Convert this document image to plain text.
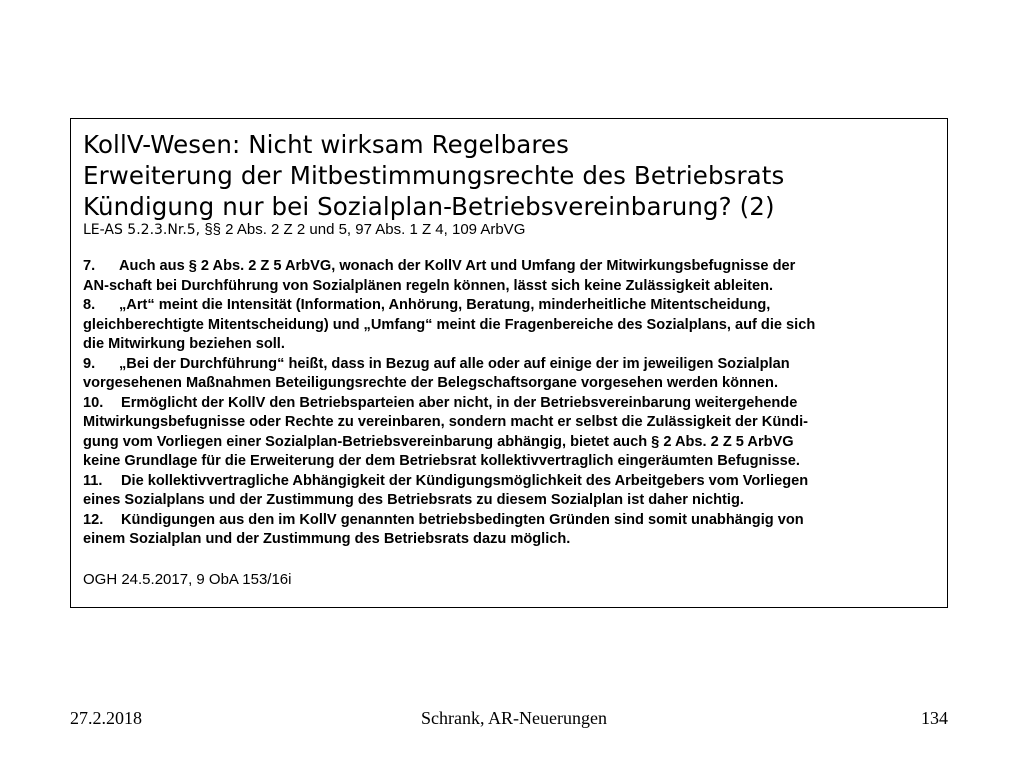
KollV-Wesen: Nicht wirksam Regelbares
Erweiterung der Mitbestimmungsrechte des Betriebsrats
Kündigung nur bei Sozialplan-Betriebsvereinbarung? (2)
LE-AS 5.2.3.Nr.5, §§ 2 Abs. 2 Z 2 und 5, 97 Abs. 1 Z 4, 109 ArbVG
7. Auch aus § 2 Abs. 2 Z 5 ArbVG, wonach der KollV Art und Umfang der Mitwirkungsbefugnisse der
AN-schaft bei Durchführung von Sozialplänen regeln können, lässt sich keine Zulässigkeit ableiten.
8. „Art“ meint die Intensität (Information, Anhörung, Beratung, minderheitliche Mitentscheidung,
gleichberechtigte Mitentscheidung) und „Umfang“ meint die Fragenbereiche des Sozialplans, auf die sich
die Mitwirkung beziehen soll.
9. „Bei der Durchführung“ heißt, dass in Bezug auf alle oder auf einige der im jeweiligen Sozialplan
vorgesehenen Maßnahmen Beteiligungsrechte der Belegschaftsorgane vorgesehen werden können.
10. Ermöglicht der KollV den Betriebsparteien aber nicht, in der Betriebsvereinbarung weitergehende
Mitwirkungsbefugnisse oder Rechte zu vereinbaren, sondern macht er selbst die Zulässigkeit der Kündi-
gung vom Vorliegen einer Sozialplan-Betriebsvereinbarung abhängig, bietet auch § 2 Abs. 2 Z 5 ArbVG
keine Grundlage für die Erweiterung der dem Betriebsrat kollektivvertraglich eingeräumten Befugnisse.
11. Die kollektivvertragliche Abhängigkeit der Kündigungsmöglichkeit des Arbeitgebers vom Vorliegen
eines Sozialplans und der Zustimmung des Betriebsrats zu diesem Sozialplan ist daher nichtig.
12. Kündigungen aus den im KollV genannten betriebsbedingten Gründen sind somit unabhängig von
einem Sozialplan und der Zustimmung des Betriebsrats dazu möglich.
OGH 24.5.2017, 9 ObA 153/16i
27.2.2018	Schrank, AR-Neuerungen	134
